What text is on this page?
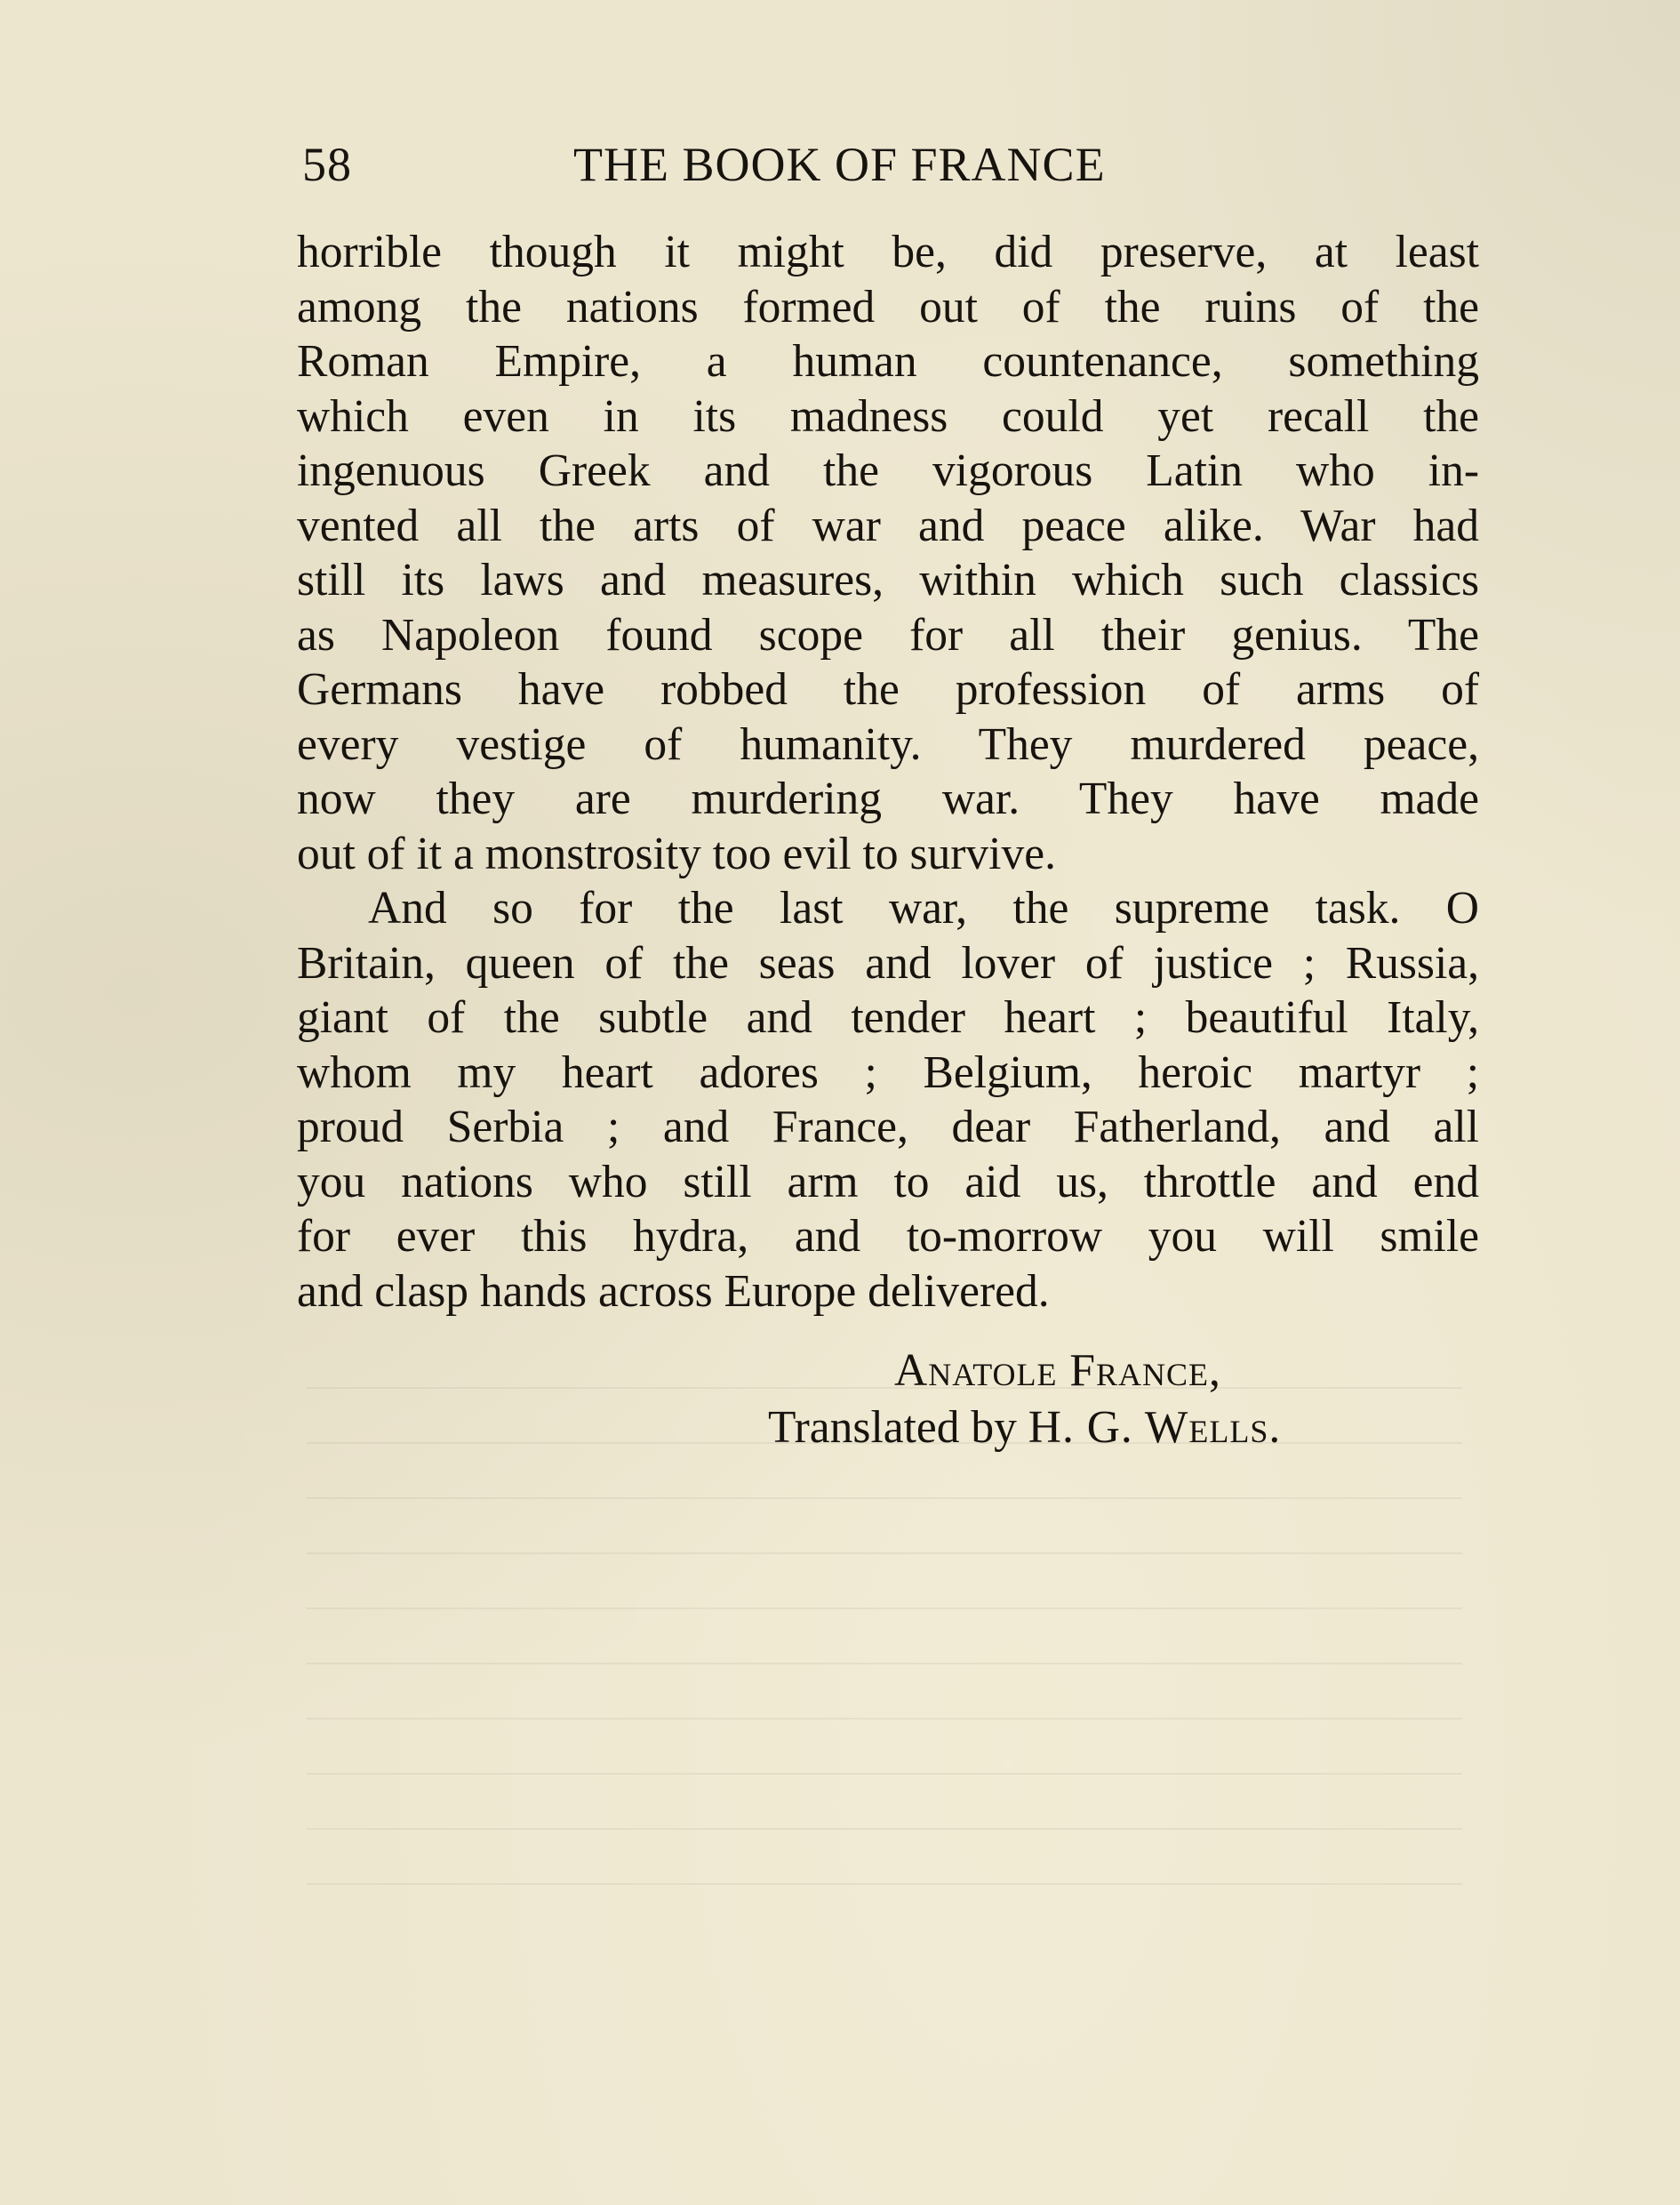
58	THE BOOK OF FRANCE
horrible though it might be, did preserve, at least
among the nations formed out of the ruins of the
Roman Empire, a human countenance, something
which even in its madness could yet recall the
ingenuous Greek and the vigorous Latin who in-
vented all the arts of war and peace alike. War had
still its laws and measures, within which such classics
as Napoleon found scope for all their genius. The
Germans have robbed the profession of arms of
every vestige of humanity. They murdered peace,
now they are murdering war. They have made
out of it a monstrosity too evil to survive.
And so for the last war, the supreme task. O
Britain, queen of the seas and lover of justice ; Russia,
giant of the subtle and tender heart ; beautiful Italy,
whom my heart adores ; Belgium, heroic martyr ;
proud Serbia ; and France, dear Fatherland, and all
you nations who still arm to aid us, throttle and end
for ever this hydra, and to-morrow you will smile
and clasp hands across Europe delivered.
Anatole France,
Translated by H. G. Wells.
